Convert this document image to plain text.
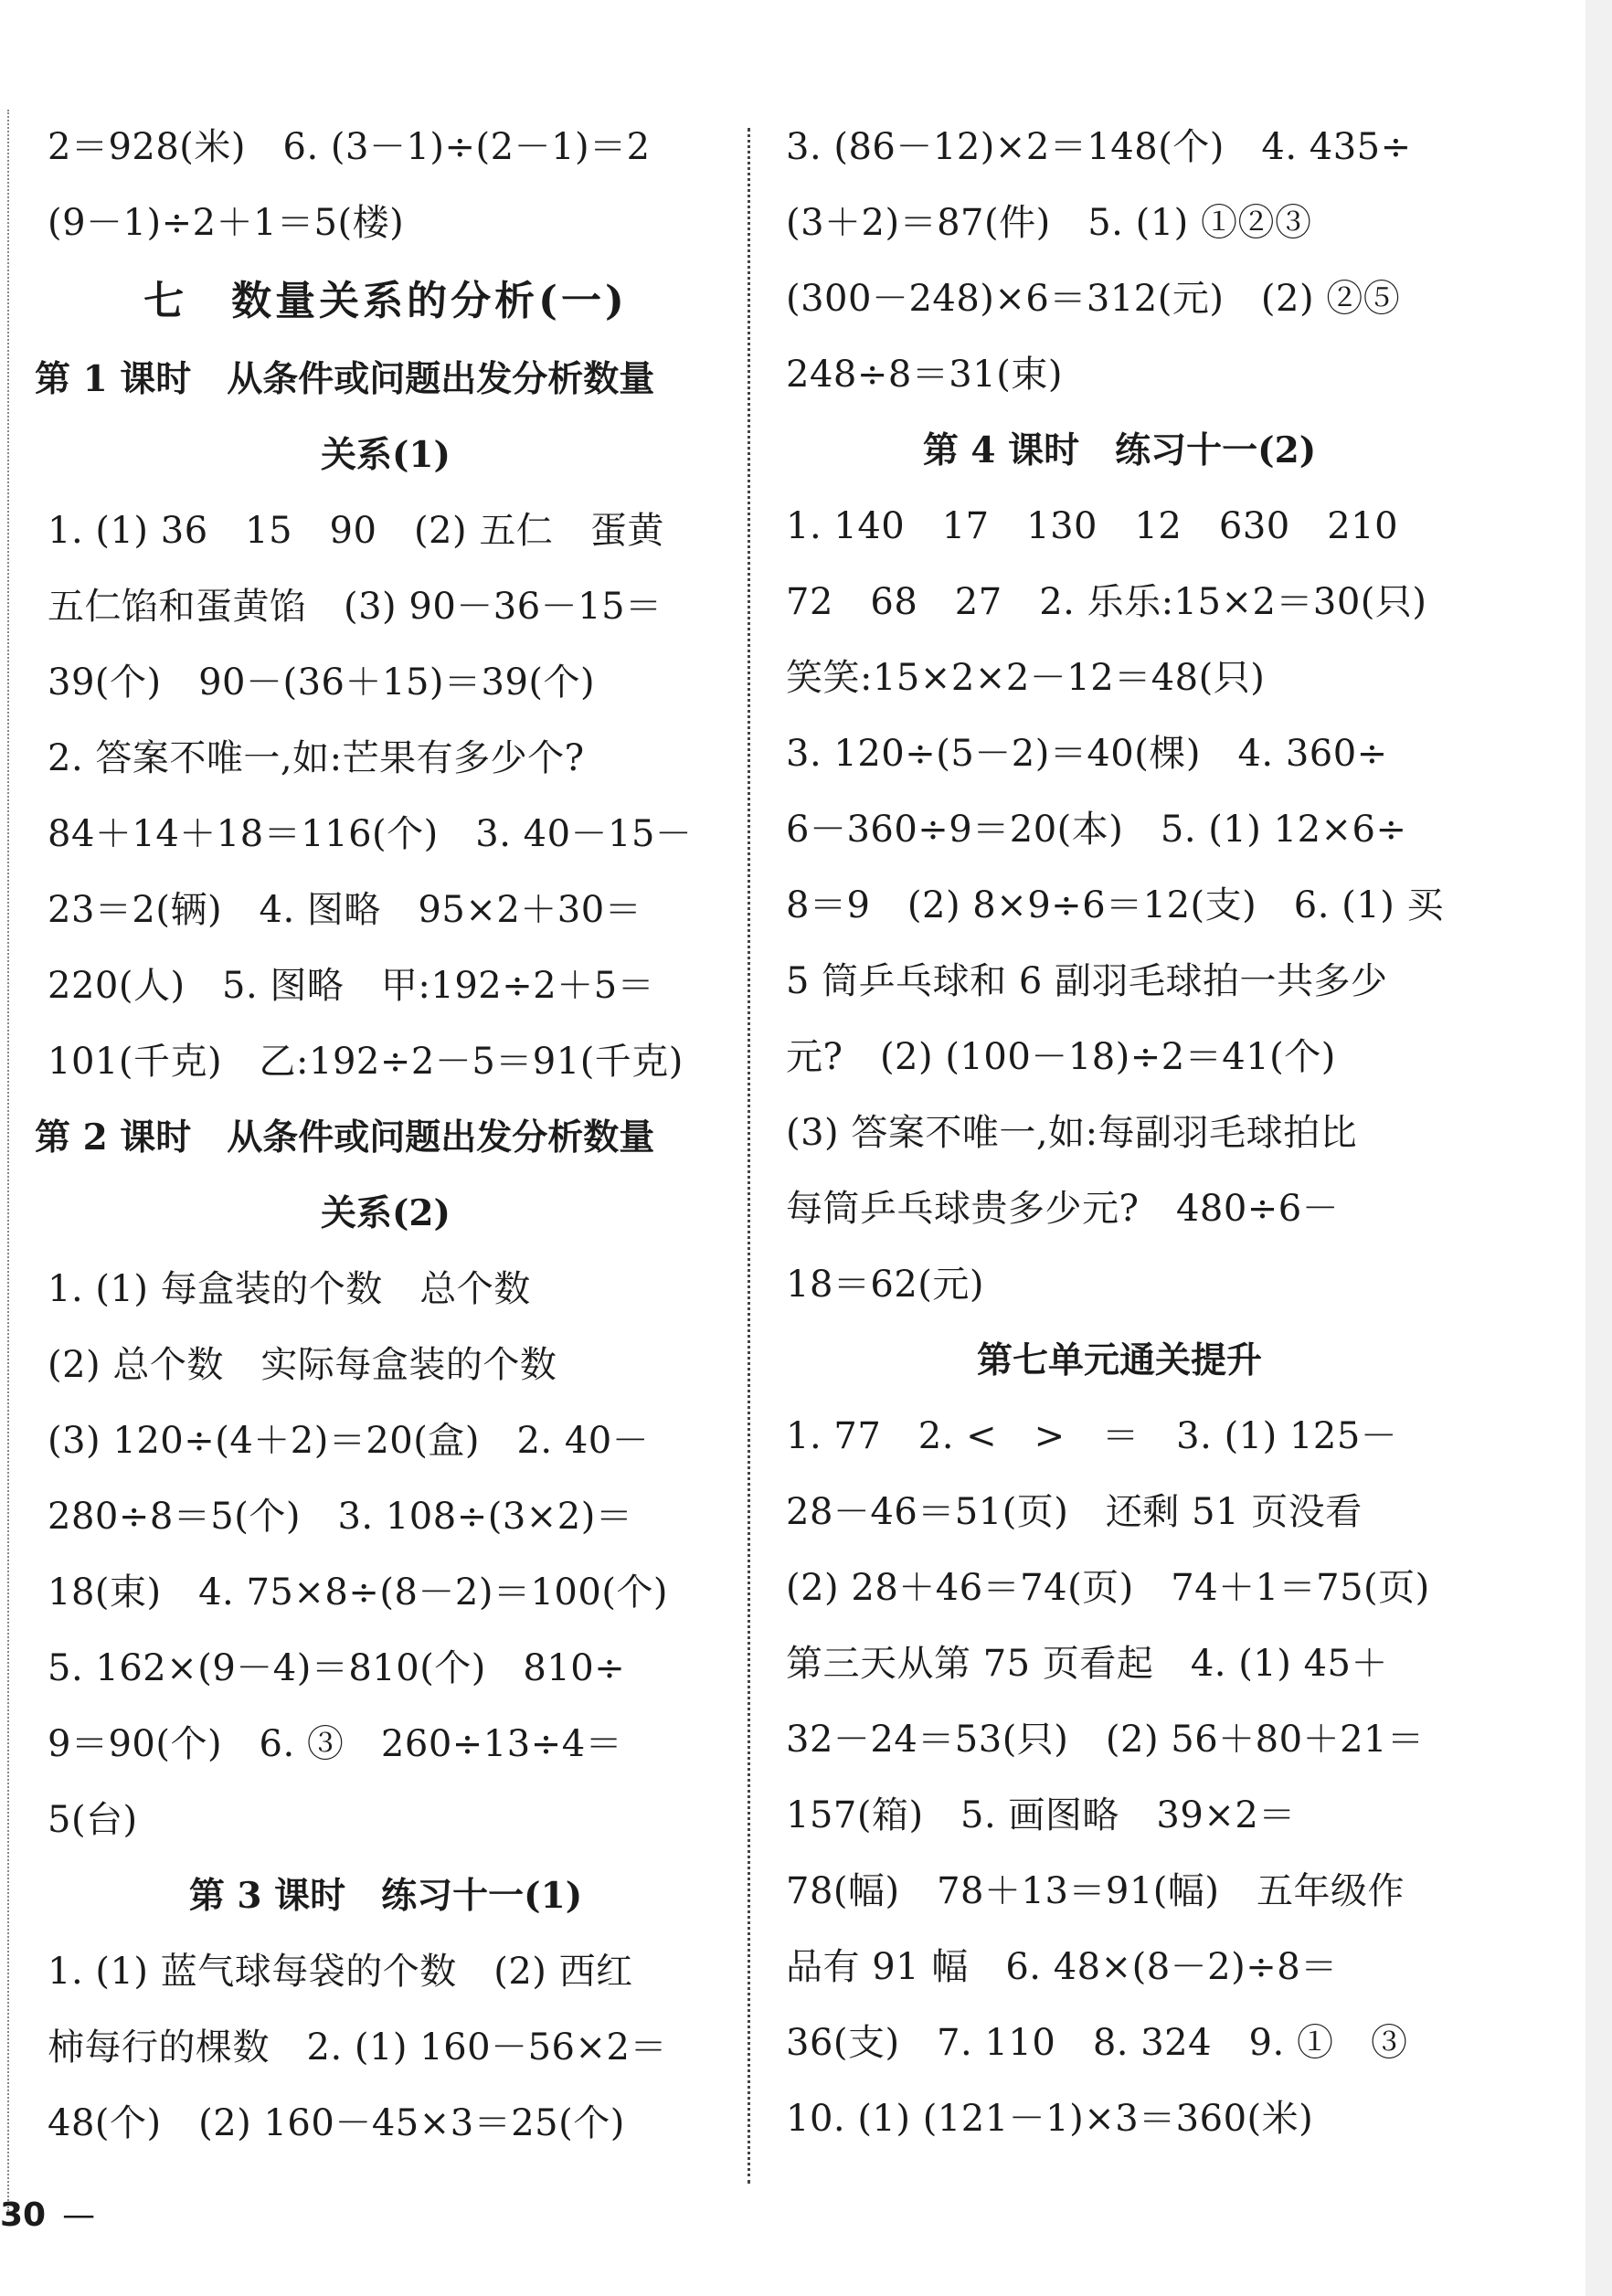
2＝928(米)　6. (3－1)÷(2－1)＝2
(9－1)÷2＋1＝5(楼)
七　数量关系的分析(一)
第 1 课时　从条件或问题出发分析数量
关系(1)
1. (1) 36　15　90　(2) 五仁　蛋黄
五仁馅和蛋黄馅　(3) 90－36－15＝
39(个)　90－(36＋15)＝39(个)
2. 答案不唯一,如:芒果有多少个?
84＋14＋18＝116(个)　3. 40－15－
23＝2(辆)　4. 图略　95×2＋30＝
220(人)　5. 图略　甲:192÷2＋5＝
101(千克)　乙:192÷2－5＝91(千克)
第 2 课时　从条件或问题出发分析数量
关系(2)
1. (1) 每盒装的个数　总个数
(2) 总个数　实际每盒装的个数
(3) 120÷(4＋2)＝20(盒)　2. 40－
280÷8＝5(个)　3. 108÷(3×2)＝
18(束)　4. 75×8÷(8－2)＝100(个)
5. 162×(9－4)＝810(个)　810÷
9＝90(个)　6. ③　260÷13÷4＝
5(台)
第 3 课时　练习十一(1)
1. (1) 蓝气球每袋的个数　(2) 西红
柿每行的棵数　2. (1) 160－56×2＝
48(个)　(2) 160－45×3＝25(个)
3. (86－12)×2＝148(个)　4. 435÷
(3＋2)＝87(件)　5. (1) ①②③
(300－248)×6＝312(元)　(2) ②⑤
248÷8＝31(束)
第 4 课时　练习十一(2)
1. 140　17　130　12　630　210
72　68　27　2. 乐乐:15×2＝30(只)
笑笑:15×2×2－12＝48(只)
3. 120÷(5－2)＝40(棵)　4. 360÷
6－360÷9＝20(本)　5. (1) 12×6÷
8＝9　(2) 8×9÷6＝12(支)　6. (1) 买
5 筒乒乓球和 6 副羽毛球拍一共多少
元?　(2) (100－18)÷2＝41(个)
(3) 答案不唯一,如:每副羽毛球拍比
每筒乒乓球贵多少元?　480÷6－
18＝62(元)
第七单元通关提升
1. 77　2. <　>　＝　3. (1) 125－
28－46＝51(页)　还剩 51 页没看
(2) 28＋46＝74(页)　74＋1＝75(页)
第三天从第 75 页看起　4. (1) 45＋
32－24＝53(只)　(2) 56＋80＋21＝
157(箱)　5. 画图略　39×2＝
78(幅)　78＋13＝91(幅)　五年级作
品有 91 幅　6. 48×(8－2)÷8＝
36(支)　7. 110　8. 324　9. ①　③
10. (1) (121－1)×3＝360(米)
30 —
